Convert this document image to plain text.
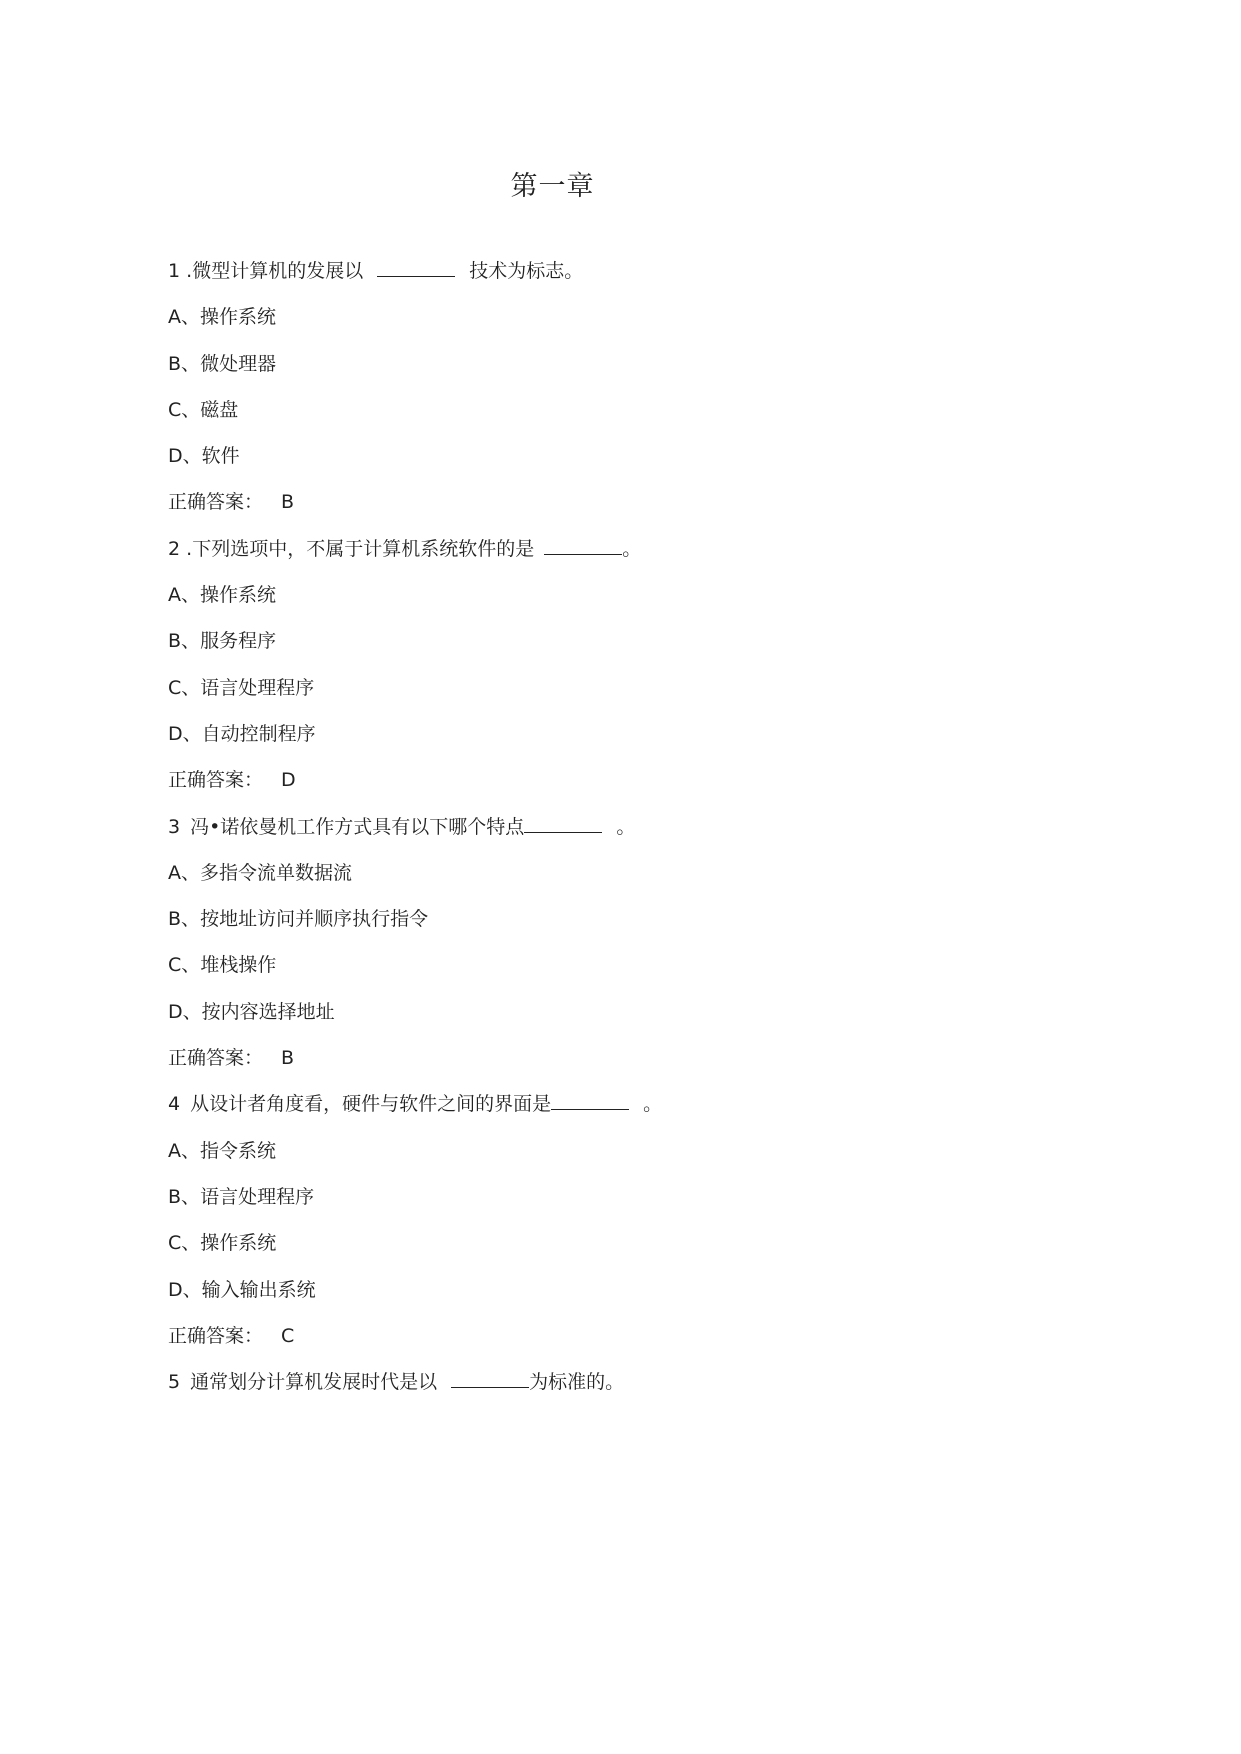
第一章
1 .微型计算机的发展以	技术为标志。
A、操作系统
B、微处理器
C、磁盘
D、软件
正确答案： B
2 .下列选项中，不属于计算机系统软件的是	。
A、操作系统
B、服务程序
C、语言处理程序
D、自动控制程序
正确答案： D
3 冯•诺依曼机工作方式具有以下哪个特点	。
A、多指令流单数据流
B、按地址访问并顺序执行指令
C、堆栈操作
D、按内容选择地址
正确答案： B
4 从设计者角度看，硬件与软件之间的界面是	。
A、指令系统
B、语言处理程序
C、操作系统
D、输入输出系统
正确答案： C
5 通常划分计算机发展时代是以	为标准的。
